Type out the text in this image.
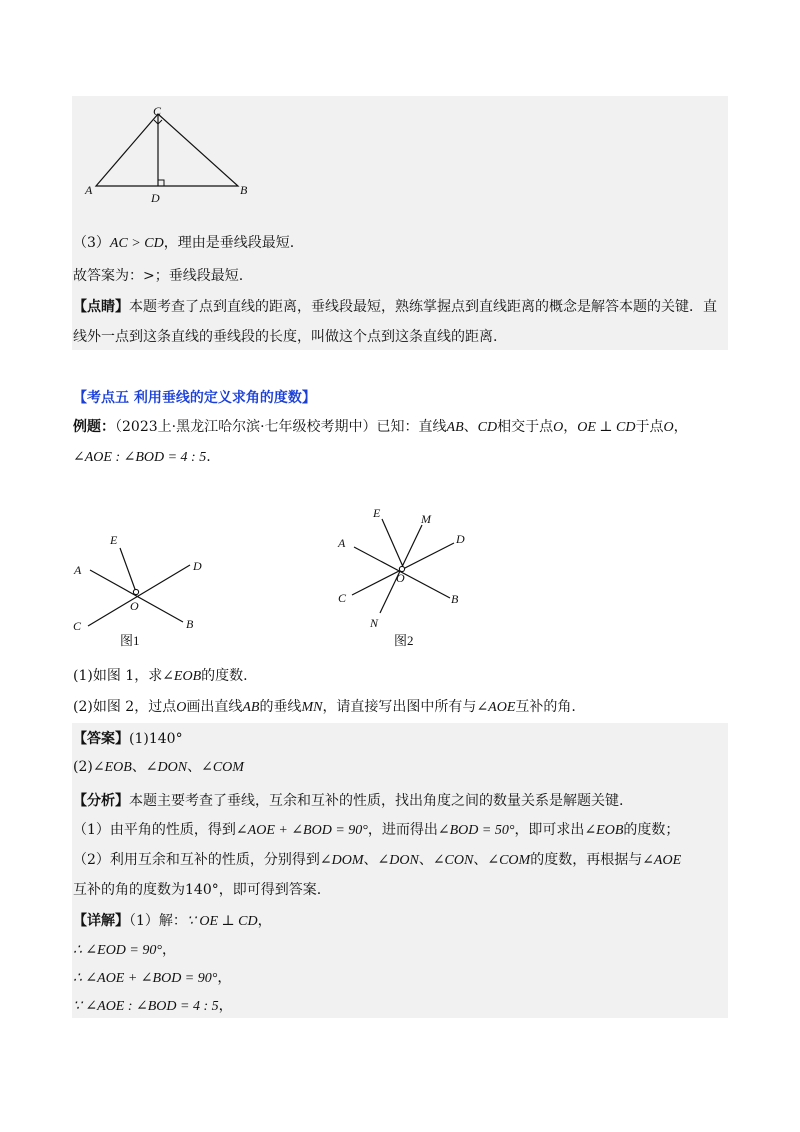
C
A
D
B
（3）AC > CD，理由是垂线段最短.
故答案为：>；垂线段最短.
【点睛】本题考查了点到直线的距离，垂线段最短，熟练掌握点到直线距离的概念是解答本题的关键．直
线外一点到这条直线的垂线段的长度，叫做这个点到这条直线的距离.
【考点五 利用垂线的定义求角的度数】
例题：（2023上·黑龙江哈尔滨·七年级校考期中）已知：直线AB、CD相交于点O，OE ⊥ CD于点O，
∠AOE : ∠BOD = 4 : 5.
E
A	D
O
C	B
图1
E	M
A	D
O
C	B
N
图2
(1)如图 1，求∠EOB的度数.
(2)如图 2，过点O画出直线AB的垂线MN，请直接写出图中所有与∠AOE互补的角.
【答案】(1)140°
(2)∠EOB、∠DON、∠COM
【分析】本题主要考查了垂线，互余和互补的性质，找出角度之间的数量关系是解题关键.
（1）由平角的性质，得到∠AOE + ∠BOD = 90°，进而得出∠BOD = 50°，即可求出∠EOB的度数；
（2）利用互余和互补的性质，分别得到∠DOM、∠DON、∠CON、∠COM的度数，再根据与∠AOE
互补的角的度数为140°，即可得到答案.
【详解】（1）解：∵ OE ⊥ CD，
∴ ∠EOD = 90°，
∴ ∠AOE + ∠BOD = 90°，
∵ ∠AOE : ∠BOD = 4 : 5，
